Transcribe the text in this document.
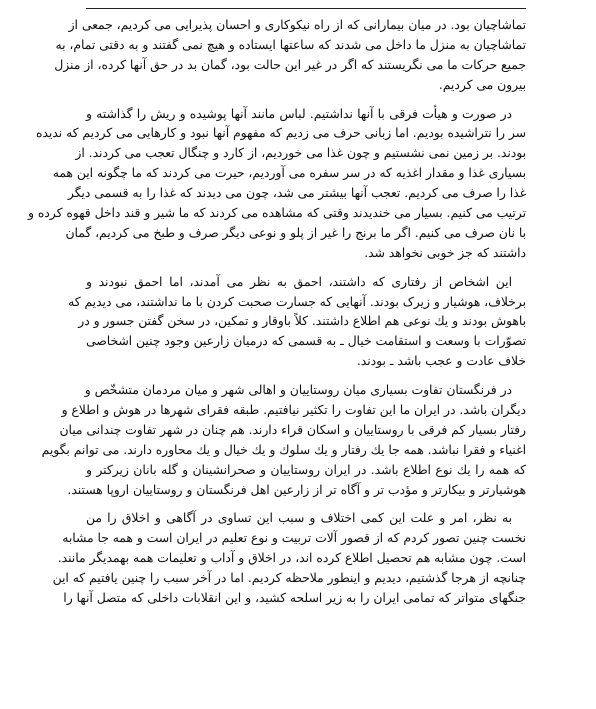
تماشاچیان بود. در میان بیمارانی که از راه نیکوکاری و احسان پذیرایی می کردیم، جمعی از
تماشاچیان به منزل ما داخل می شدند که ساعتها ایستاده و هیچ نمی گفتند و به دقتی تمام، به
جمیع حرکات ما می نگریستند که اگر در غیر این حالت بود، گمان بد در حق آنها کرده، از منزل
بیرون می کردیم.
در صورت و هیأت فرقی با آنها نداشتیم. لباس مانند آنها پوشیده و ریش را گذاشته و
سر را نتراشیده بودیم. اما زبانی حرف می زدیم که مفهوم آنها نبود و کارهایی می کردیم که ندیده
بودند. بر زمین نمی نشستیم و چون غذا می خوردیم، از کارد و چنگال تعجب می کردند. از
بسیاری غذا و مقدار اغذیه که در سر سفره می آوردیم، حیرت می کردند که ما چگونه این همه
غذا را صرف می کردیم. تعجب آنها بیشتر می شد، چون می دیدند که غذا را به قسمی دیگر
ترتیب می کنیم. بسیار می خندیدند وقتی که مشاهده می کردند که ما شیر و قند داخل قهوه کرده و
با نان صرف می کنیم. اگر ما برنج را غیر از پلو و نوعی دیگر صرف و طبخ می کردیم، گمان
داشتند که جز خوبی نخواهد شد.
این اشخاص از رفتاری که داشتند، احمق به نظر می آمدند، اما احمق نبودند و
برخلاف، هوشیار و زیرک بودند. آنهایی که جسارت صحبت کردن با ما نداشتند، می دیدیم که
باهوش بودند و یك نوعی هم اطلاع داشتند. کلاً باوقار و تمکین، در سخن گفتن جسور و در
تصوّرات با وسعت و استقامت خیال ـ به قسمی که درمیان زارعین وجود چنین اشخاصی
خلاف عادت و عجب باشد ـ بودند.
در فرنگستان تفاوت بسیاری میان روستاییان و اهالی شهر و میان مردمان متشخّص و
دیگران باشد. در ایران ما این تفاوت را تکثیر نیافتیم. طبقه فقرای شهرها در هوش و اطلاع و
رفتار بسیار کم فرقی با روستاییان و اسکان قراء دارند. هم چنان در شهر تفاوت چندانی میان
اغنیاء و فقرا نباشد. همه جا یك رفتار و یك سلوك و یك خیال و یك محاوره دارند. می توانم بگویم
که همه را یك نوع اطلاع باشد. در ایران روستاییان و صحرانشینان و گله بانان زیرکتر و
هوشیارتر و بیکارتر و مؤدب تر و آگاه تر از زارعین اهل فرنگستان و روستاییان اروپا هستند.
به نظر، امر و علت این کمی اختلاف و سبب این تساوی در آگاهی و اخلاق را من
نخست چنین تصور کردم که از قصور آلات تربیت و نوع تعلیم در ایران است و همه جا مشابه
است. چون مشابه هم تحصیل اطلاع کرده اند، در اخلاق و آداب و تعلیمات همه بهمدیگر مانند.
چنانچه از هرجا گذشتیم، دیدیم و اینطور ملاحظه کردیم. اما در آخر سبب را چنین یافتیم که این
جنگهای متواتر که تمامی ایران را به زیر اسلحه کشید، و این انقلابات داخلی که متصل آنها را
